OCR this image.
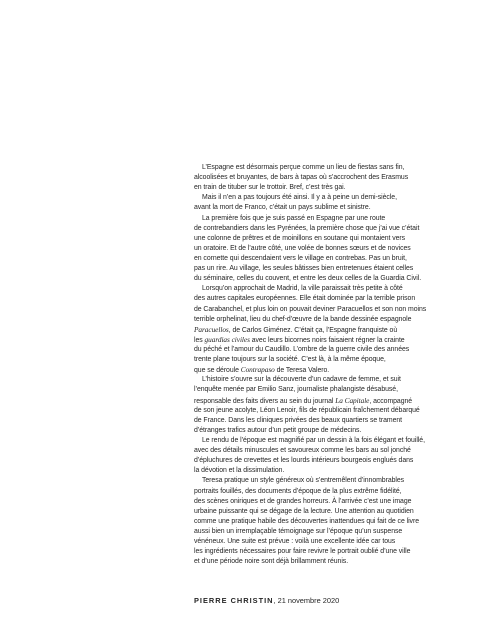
L’Espagne est désormais perçue comme un lieu de fiestas sans fin,
alcoolisées et bruyantes, de bars à tapas où s’accrochent des Erasmus
en train de tituber sur le trottoir. Bref, c’est très gai.
Mais il n’en a pas toujours été ainsi. Il y a à peine un demi-siècle,
avant la mort de Franco, c’était un pays sublime et sinistre.
La première fois que je suis passé en Espagne par une route
de contrebandiers dans les Pyrénées, la première chose que j’ai vue c’était
une colonne de prêtres et de moinillons en soutane qui montaient vers
un oratoire. Et de l’autre côté, une volée de bonnes sœurs et de novices
en cornette qui descendaient vers le village en contrebas. Pas un bruit,
pas un rire. Au village, les seules bâtisses bien entretenues étaient celles
du séminaire, celles du couvent, et entre les deux celles de la Guardia Civil.
Lorsqu’on approchait de Madrid, la ville paraissait très petite à côté
des autres capitales européennes. Elle était dominée par la terrible prison
de Carabanchel, et plus loin on pouvait deviner Paracuellos et son non moins
terrible orphelinat, lieu du chef-d’œuvre de la bande dessinée espagnole
Paracuellos, de Carlos Giménez. C’était ça, l’Espagne franquiste où
les guardias civiles avec leurs bicornes noirs faisaient régner la crainte
du péché et l’amour du Caudillo. L’ombre de la guerre civile des années
trente plane toujours sur la société. C’est là, à la même époque,
que se déroule Contrapaso de Teresa Valero.
L’histoire s’ouvre sur la découverte d’un cadavre de femme, et suit
l’enquête menée par Emilio Sanz, journaliste phalangiste désabusé,
responsable des faits divers au sein du journal La Capitale, accompagné
de son jeune acolyte, Léon Lenoir, fils de républicain fraîchement débarqué
de France. Dans les cliniques privées des beaux quartiers se trament
d’étranges trafics autour d’un petit groupe de médecins.
Le rendu de l’époque est magnifié par un dessin à la fois élégant et fouillé,
avec des détails minuscules et savoureux comme les bars au sol jonché
d’épluchures de crevettes et les lourds intérieurs bourgeois englués dans
la dévotion et la dissimulation.
Teresa pratique un style généreux où s’entremêlent d’innombrables
portraits fouillés, des documents d’époque de la plus extrême fidélité,
des scènes oniriques et de grandes horreurs. À l’arrivée c’est une image
urbaine puissante qui se dégage de la lecture. Une attention au quotidien
comme une pratique habile des découvertes inattendues qui fait de ce livre
aussi bien un irremplaçable témoignage sur l’époque qu’un suspense
vénéneux. Une suite est prévue : voilà une excellente idée car tous
les ingrédients nécessaires pour faire revivre le portrait oublié d’une ville
et d’une période noire sont déjà brillamment réunis.
PIERRE CHRISTIN, 21 novembre 2020
